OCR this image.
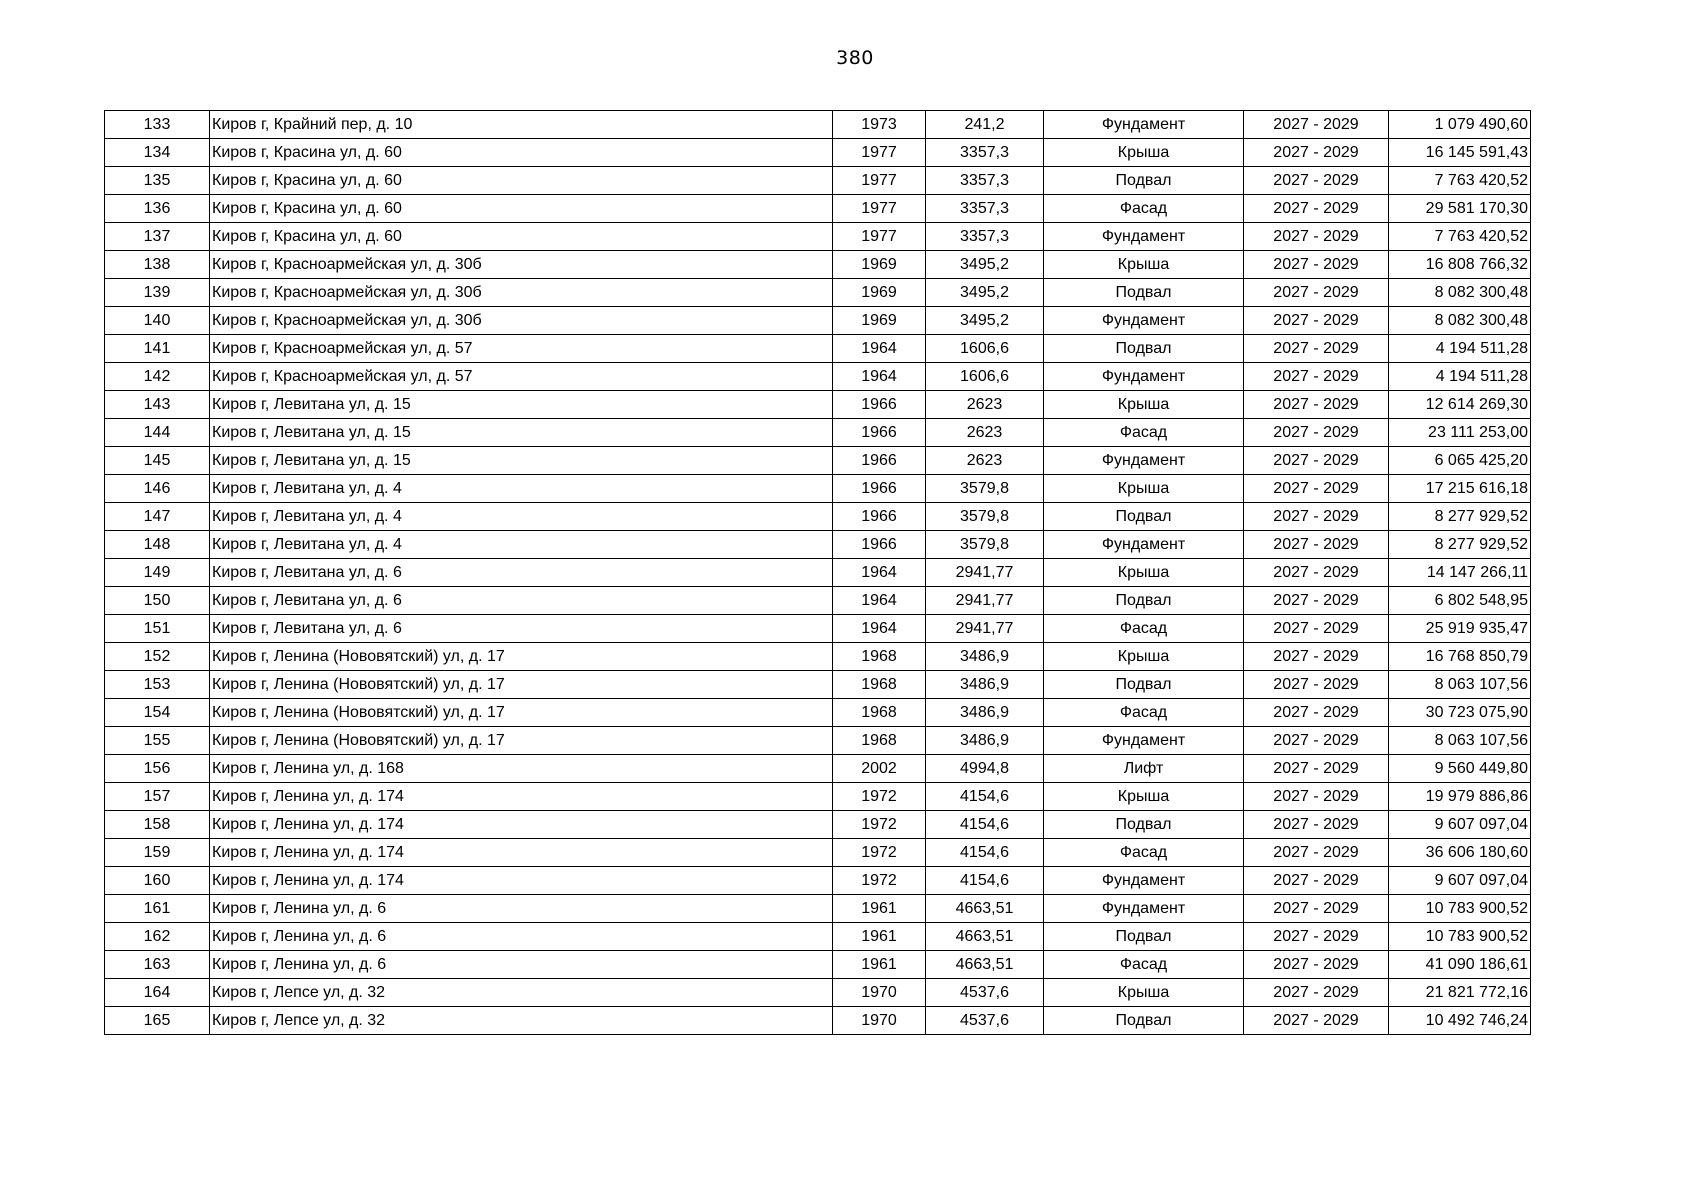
380
133	Киров г, Крайний пер, д. 10	1973	241,2	Фундамент	2027 - 2029	1 079 490,60
134	Киров г, Красина ул, д. 60	1977	3357,3	Крыша	2027 - 2029	16 145 591,43
135	Киров г, Красина ул, д. 60	1977	3357,3	Подвал	2027 - 2029	7 763 420,52
136	Киров г, Красина ул, д. 60	1977	3357,3	Фасад	2027 - 2029	29 581 170,30
137	Киров г, Красина ул, д. 60	1977	3357,3	Фундамент	2027 - 2029	7 763 420,52
138	Киров г, Красноармейская ул, д. 30б	1969	3495,2	Крыша	2027 - 2029	16 808 766,32
139	Киров г, Красноармейская ул, д. 30б	1969	3495,2	Подвал	2027 - 2029	8 082 300,48
140	Киров г, Красноармейская ул, д. 30б	1969	3495,2	Фундамент	2027 - 2029	8 082 300,48
141	Киров г, Красноармейская ул, д. 57	1964	1606,6	Подвал	2027 - 2029	4 194 511,28
142	Киров г, Красноармейская ул, д. 57	1964	1606,6	Фундамент	2027 - 2029	4 194 511,28
143	Киров г, Левитана ул, д. 15	1966	2623	Крыша	2027 - 2029	12 614 269,30
144	Киров г, Левитана ул, д. 15	1966	2623	Фасад	2027 - 2029	23 111 253,00
145	Киров г, Левитана ул, д. 15	1966	2623	Фундамент	2027 - 2029	6 065 425,20
146	Киров г, Левитана ул, д. 4	1966	3579,8	Крыша	2027 - 2029	17 215 616,18
147	Киров г, Левитана ул, д. 4	1966	3579,8	Подвал	2027 - 2029	8 277 929,52
148	Киров г, Левитана ул, д. 4	1966	3579,8	Фундамент	2027 - 2029	8 277 929,52
149	Киров г, Левитана ул, д. 6	1964	2941,77	Крыша	2027 - 2029	14 147 266,11
150	Киров г, Левитана ул, д. 6	1964	2941,77	Подвал	2027 - 2029	6 802 548,95
151	Киров г, Левитана ул, д. 6	1964	2941,77	Фасад	2027 - 2029	25 919 935,47
152	Киров г, Ленина (Нововятский) ул, д. 17	1968	3486,9	Крыша	2027 - 2029	16 768 850,79
153	Киров г, Ленина (Нововятский) ул, д. 17	1968	3486,9	Подвал	2027 - 2029	8 063 107,56
154	Киров г, Ленина (Нововятский) ул, д. 17	1968	3486,9	Фасад	2027 - 2029	30 723 075,90
155	Киров г, Ленина (Нововятский) ул, д. 17	1968	3486,9	Фундамент	2027 - 2029	8 063 107,56
156	Киров г, Ленина ул, д. 168	2002	4994,8	Лифт	2027 - 2029	9 560 449,80
157	Киров г, Ленина ул, д. 174	1972	4154,6	Крыша	2027 - 2029	19 979 886,86
158	Киров г, Ленина ул, д. 174	1972	4154,6	Подвал	2027 - 2029	9 607 097,04
159	Киров г, Ленина ул, д. 174	1972	4154,6	Фасад	2027 - 2029	36 606 180,60
160	Киров г, Ленина ул, д. 174	1972	4154,6	Фундамент	2027 - 2029	9 607 097,04
161	Киров г, Ленина ул, д. 6	1961	4663,51	Фундамент	2027 - 2029	10 783 900,52
162	Киров г, Ленина ул, д. 6	1961	4663,51	Подвал	2027 - 2029	10 783 900,52
163	Киров г, Ленина ул, д. 6	1961	4663,51	Фасад	2027 - 2029	41 090 186,61
164	Киров г, Лепсе ул, д. 32	1970	4537,6	Крыша	2027 - 2029	21 821 772,16
165	Киров г, Лепсе ул, д. 32	1970	4537,6	Подвал	2027 - 2029	10 492 746,24
